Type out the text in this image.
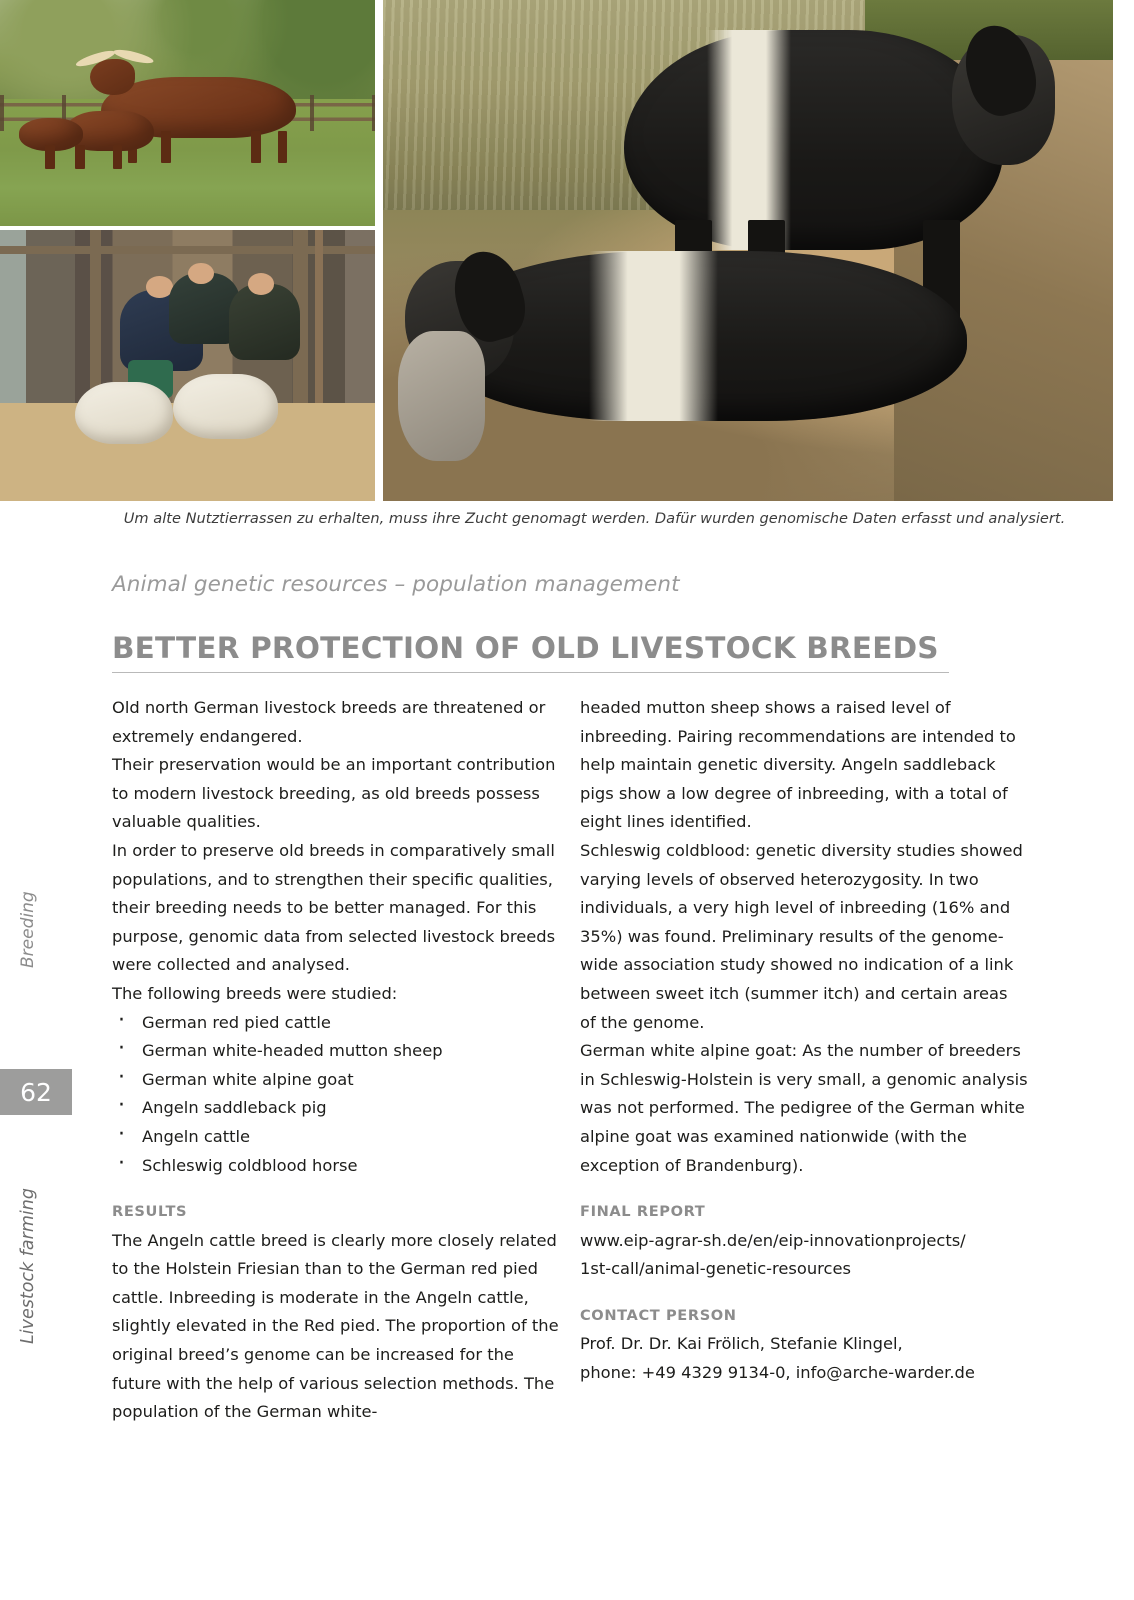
Um alte Nutztierrassen zu erhalten, muss ihre Zucht genomagt werden. Dafür wurden genomische Daten erfasst und analysiert.
Animal genetic resources – population management
BETTER PROTECTION OF OLD LIVESTOCK BREEDS

Old north German livestock breeds are threatened or extremely endangered.

Their preservation would be an important contribution to modern livestock breeding, as old breeds possess valuable qualities.

In order to preserve old breeds in comparatively small populations, and to strengthen their specific qualities, their breeding needs to be better managed. For this purpose, genomic data from selected livestock breeds were collected and analysed.

The following breeds were studied:

· German red pied cattle
· German white-headed mutton sheep
· German white alpine goat
· Angeln saddleback pig
· Angeln cattle
· Schleswig coldblood horse
RESULTS

The Angeln cattle breed is clearly more closely related to the Holstein Friesian than to the German red pied cattle. Inbreeding is moderate in the Angeln cattle, slightly elevated in the Red pied. The proportion of the original breed’s genome can be increased for the future with the help of various selection methods. The population of the German white-

headed mutton sheep shows a raised level of inbreeding. Pairing recommendations are intended to help maintain genetic diversity. Angeln saddleback pigs show a low degree of inbreeding, with a total of eight lines identified.

Schleswig coldblood: genetic diversity studies showed varying levels of observed heterozygosity. In two individuals, a very high level of inbreeding (16% and 35%) was found. Preliminary results of the genome-wide association study showed no indication of a link between sweet itch (summer itch) and certain areas of the genome.

German white alpine goat: As the number of breeders in Schleswig-Holstein is very small, a genomic analysis was not performed. The pedigree of the German white alpine goat was examined nationwide (with the exception of Brandenburg).

FINAL REPORT

www.eip-agrar-sh.de/en/eip-innovationprojects/

1st-call/animal-genetic-resources

CONTACT PERSON

Prof. Dr. Dr. Kai Frölich, Stefanie Klingel,

phone: +49 4329 9134-0, info@arche-warder.de

Breeding
62
Livestock farming
